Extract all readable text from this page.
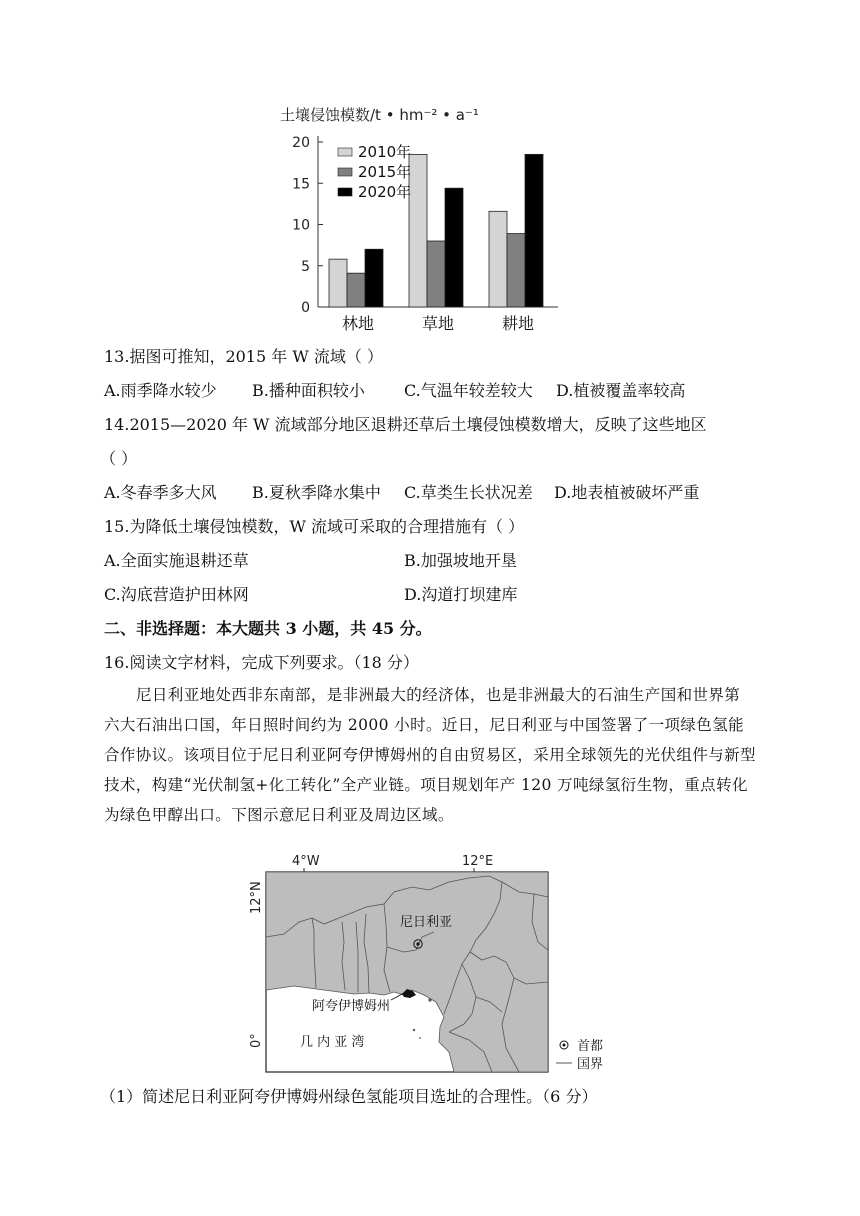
土壤侵蚀模数/t • hm⁻² • a⁻¹
0
5
10
15
20
林地	草地	耕地
2010年
2015年
2020年
13.据图可推知，2015 年 W 流域（ ）
A.雨季降水较少 B.播种面积较小 C.气温年较差较大 D.植被覆盖率较高
14.2015—2020 年 W 流域部分地区退耕还草后土壤侵蚀模数增大，反映了这些地区
（ ）
A.冬春季多大风 B.夏秋季降水集中 C.草类生长状况差 D.地表植被破坏严重
15.为降低土壤侵蚀模数，W 流域可采取的合理措施有（ ）
A.全面实施退耕还草	B.加强坡地开垦
C.沟底营造护田林网	D.沟道打坝建库
二、非选择题：本大题共 3 小题，共 45 分。
16.阅读文字材料，完成下列要求。（18 分）
尼日利亚地处西非东南部，是非洲最大的经济体，也是非洲最大的石油生产国和世界第六大石油出口国，年日照时间约为 2000 小时。近日，尼日利亚与中国签署了一项绿色氢能合作协议。该项目位于尼日利亚阿夸伊博姆州的自由贸易区，采用全球领先的光伏组件与新型技术，构建“光伏制氢+化工转化”全产业链。项目规划年产 120 万吨绿氢衍生物，重点转化为绿色甲醇出口。下图示意尼日利亚及周边区域。
4°W	12°E
12°N
0°
尼日利亚
阿夸伊博姆州
几 内 亚 湾	首都
国界
（1）简述尼日利亚阿夸伊博姆州绿色氢能项目选址的合理性。（6 分）
